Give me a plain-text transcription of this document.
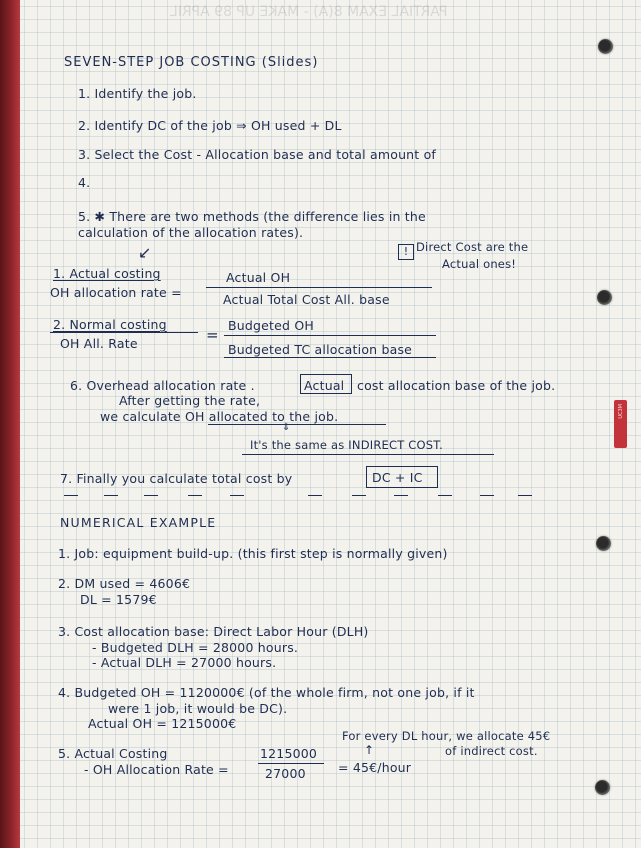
PARTIAL EXAM 8(A) - MAKE UP 89 APRIL
UC3M
SEVEN-STEP JOB COSTING (Slides)
1. Identify the job.
2. Identify DC of the job ⇒ OH used + DL
3. Select the Cost - Allocation base and total amount of
4.
5. ✱ There are two methods (the difference lies in the
calculation of the allocation rates).
↙	! Direct Cost are the
Actual ones!
1. Actual costing
OH allocation rate =
Actual OH
Actual Total Cost All. base
2. Normal costing
OH All. Rate	=
Budgeted OH
Budgeted TC allocation base
6. Overhead allocation rate .	Actual cost allocation base of the job.
After getting the rate,
we calculate OH allocated to the job.
⇓
It's the same as INDIRECT COST.
7. Finally you calculate total cost by	DC + IC
NUMERICAL EXAMPLE
1. Job: equipment build-up. (this first step is normally given)
2. DM used = 4606€
DL = 1579€
3. Cost allocation base: Direct Labor Hour (DLH)
- Budgeted DLH = 28000 hours.
- Actual DLH = 27000 hours.
4. Budgeted OH = 1120000€ (of the whole firm, not one job, if it
were 1 job, it would be DC).
Actual OH = 1215000€
5. Actual Costing
- OH Allocation Rate =
1215000
27000	= 45€/hour
↑
For every DL hour, we allocate 45€
of indirect cost.
